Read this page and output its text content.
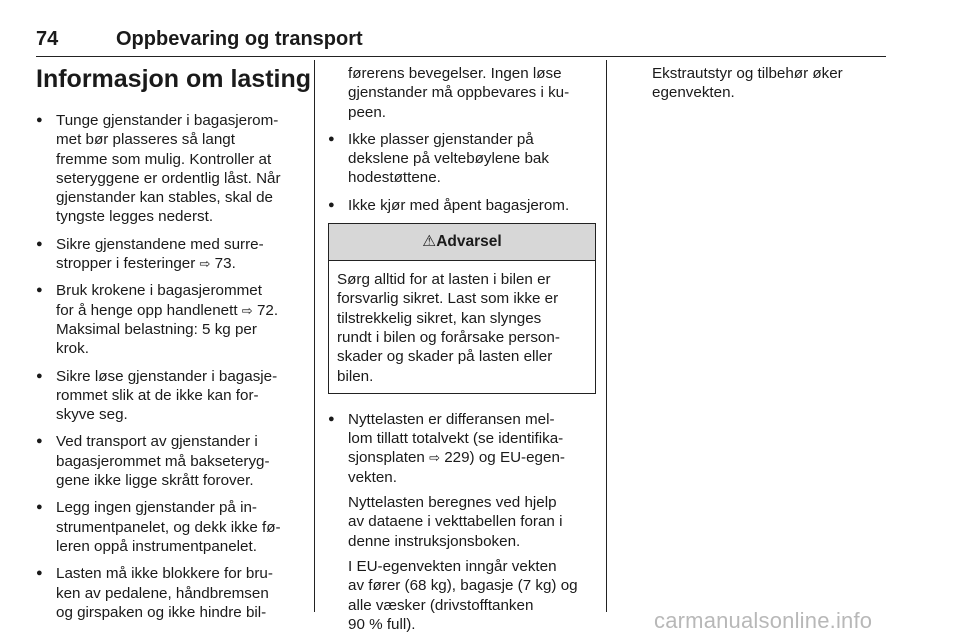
74	Oppbevaring og transport
Informasjon om lasting
● Tunge gjenstander i bagasjerom-
met bør plasseres så langt
fremme som mulig. Kontroller at
seteryggene er ordentlig låst. Når
gjenstander kan stables, skal de
tyngste legges nederst.
● Sikre gjenstandene med surre-
stropper i festeringer ⇨ 73.
● Bruk krokene i bagasjerommet
for å henge opp handlenett ⇨ 72.
Maksimal belastning: 5 kg per
krok.
● Sikre løse gjenstander i bagasje-
rommet slik at de ikke kan for-
skyve seg.
● Ved transport av gjenstander i
bagasjerommet må bakseteryg-
gene ikke ligge skrått forover.
● Legg ingen gjenstander på in-
strumentpanelet, og dekk ikke fø-
leren oppå instrumentpanelet.
● Lasten må ikke blokkere for bru-
ken av pedalene, håndbremsen
og girspaken og ikke hindre bil-
førerens bevegelser. Ingen løse
gjenstander må oppbevares i ku-
peen.
● Ikke plasser gjenstander på
dekslene på veltebøylene bak
hodestøttene.
● Ikke kjør med åpent bagasjerom.
⚠Advarsel
Sørg alltid for at lasten i bilen er
forsvarlig sikret. Last som ikke er
tilstrekkelig sikret, kan slynges
rundt i bilen og forårsake person-
skader og skader på lasten eller
bilen.
● Nyttelasten er differansen mel-
lom tillatt totalvekt (se identifika-
sjonsplaten ⇨ 229) og EU-egen-
vekten.
Nyttelasten beregnes ved hjelp
av dataene i vekttabellen foran i
denne instruksjonsboken.
I EU-egenvekten inngår vekten
av fører (68 kg), bagasje (7 kg) og
alle væsker (drivstofftanken
90 % full).
Ekstrautstyr og tilbehør øker
egenvekten.
carmanualsonline.info
